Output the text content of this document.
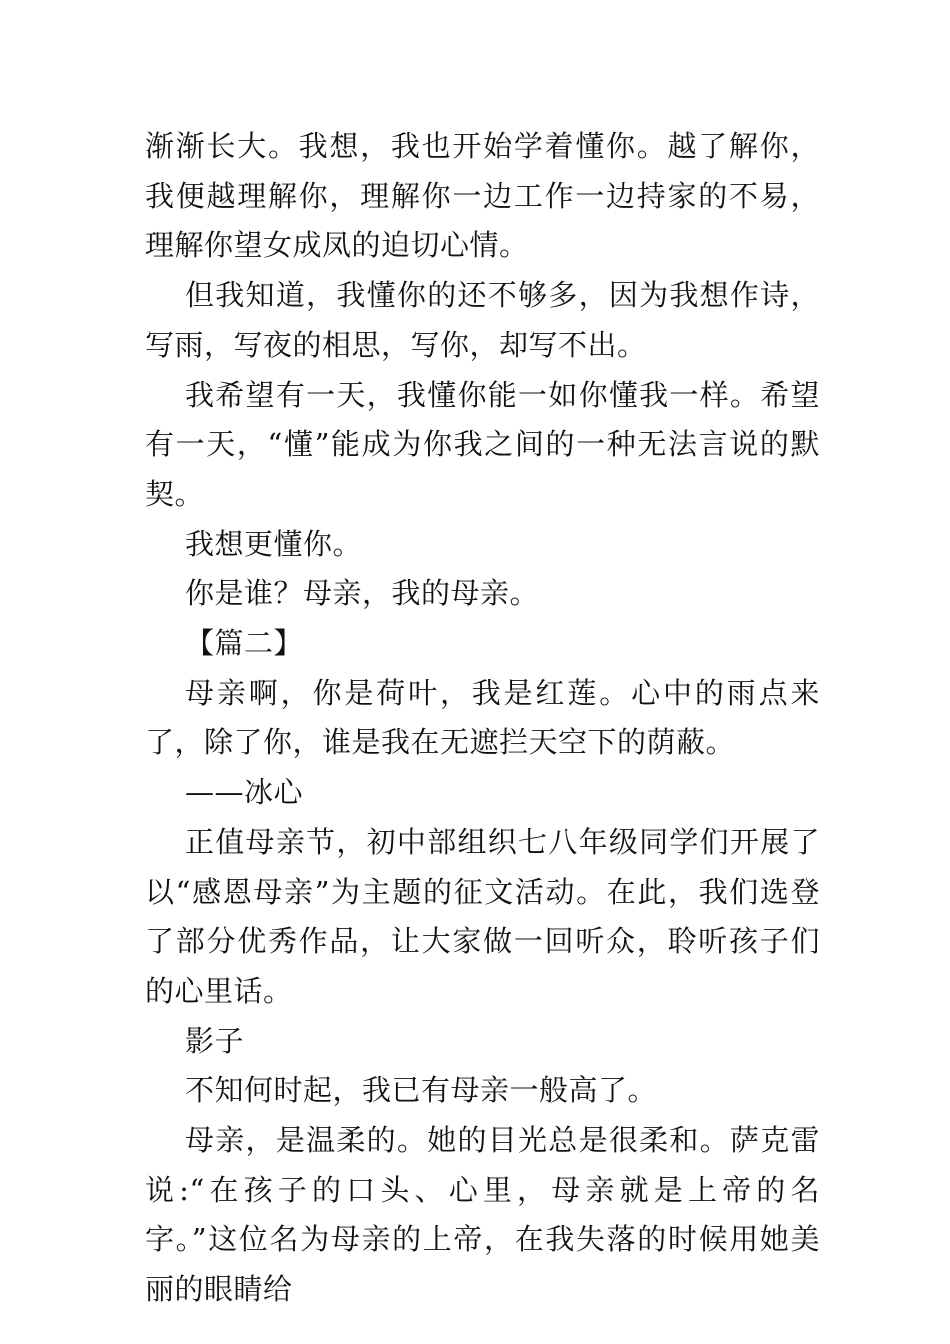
渐渐长大。我想，我也开始学着懂你。越了解你，我便越理解你，理解你一边工作一边持家的不易，理解你望女成凤的迫切心情。

但我知道，我懂你的还不够多，因为我想作诗，写雨，写夜的相思，写你，却写不出。

我希望有一天，我懂你能一如你懂我一样。希望有一天，“懂”能成为你我之间的一种无法言说的默契。

我想更懂你。

你是谁？母亲，我的母亲。

【篇二】

母亲啊，你是荷叶，我是红莲。心中的雨点来了，除了你，谁是我在无遮拦天空下的荫蔽。

——冰心

正值母亲节，初中部组织七八年级同学们开展了以“感恩母亲”为主题的征文活动。在此，我们选登了部分优秀作品，让大家做一回听众，聆听孩子们的心里话。

影子

不知何时起，我已有母亲一般高了。

母亲，是温柔的。她的目光总是很柔和。萨克雷说:“在孩子的口头、心里，母亲就是上帝的名字。”这位名为母亲的上帝，在我失落的时候用她美丽的眼睛给
